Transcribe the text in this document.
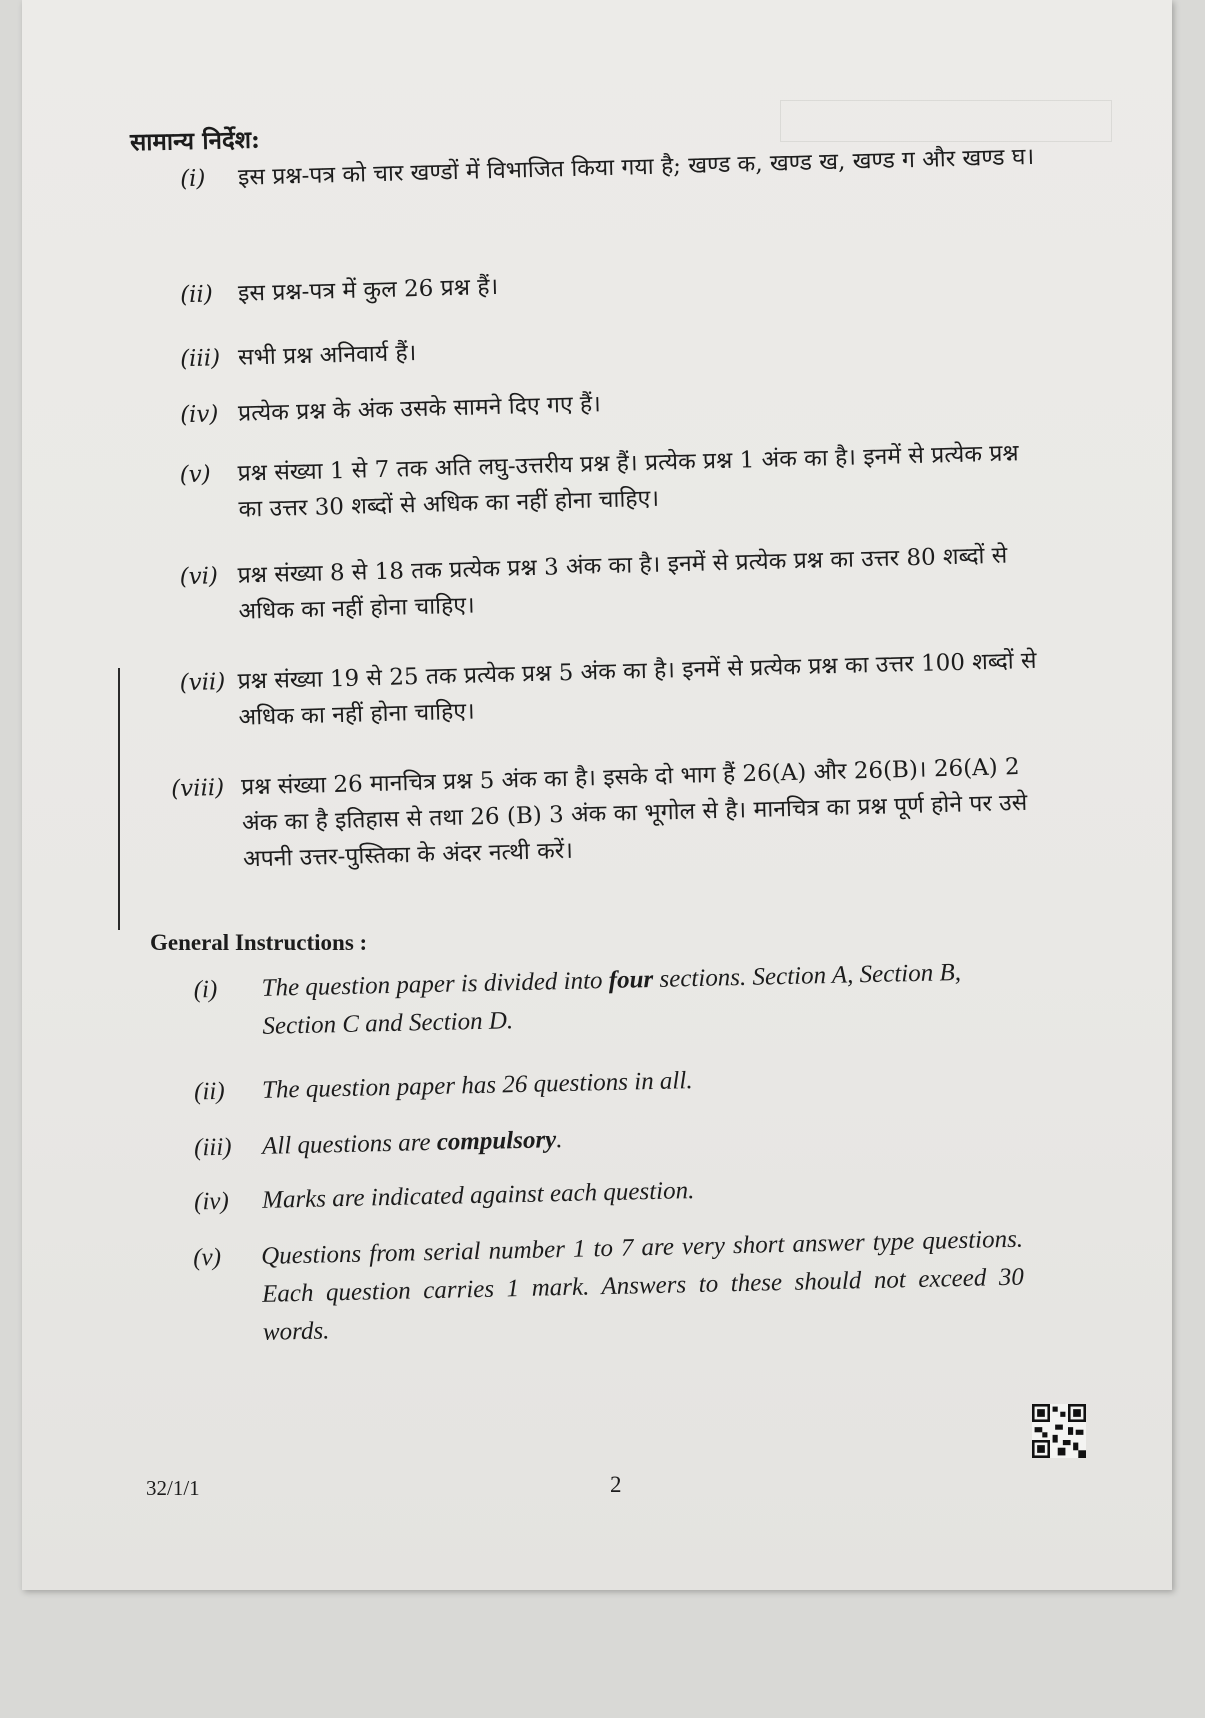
सामान्य निर्देश:
(i) इस प्रश्न-पत्र को चार खण्डों में विभाजित किया गया है; खण्ड क, खण्ड ख, खण्ड ग और खण्ड घ।
(ii) इस प्रश्न-पत्र में कुल 26 प्रश्न हैं।
(iii) सभी प्रश्न अनिवार्य हैं।
(iv) प्रत्येक प्रश्न के अंक उसके सामने दिए गए हैं।
(v) प्रश्न संख्या 1 से 7 तक अति लघु-उत्तरीय प्रश्न हैं। प्रत्येक प्रश्न 1 अंक का है। इनमें से प्रत्येक प्रश्न का उत्तर 30 शब्दों से अधिक का नहीं होना चाहिए।
(vi) प्रश्न संख्या 8 से 18 तक प्रत्येक प्रश्न 3 अंक का है। इनमें से प्रत्येक प्रश्न का उत्तर 80 शब्दों से अधिक का नहीं होना चाहिए।
(vii) प्रश्न संख्या 19 से 25 तक प्रत्येक प्रश्न 5 अंक का है। इनमें से प्रत्येक प्रश्न का उत्तर 100 शब्दों से अधिक का नहीं होना चाहिए।
(viii) प्रश्न संख्या 26 मानचित्र प्रश्न 5 अंक का है। इसके दो भाग हैं 26(A) और 26(B)। 26(A) 2 अंक का है इतिहास से तथा 26 (B) 3 अंक का भूगोल से है। मानचित्र का प्रश्न पूर्ण होने पर उसे अपनी उत्तर-पुस्तिका के अंदर नत्थी करें।
General Instructions :
(i) The question paper is divided into four sections. Section A, Section B, Section C and Section D.
(ii) The question paper has 26 questions in all.
(iii) All questions are compulsory.
(iv) Marks are indicated against each question.
(v) Questions from serial number 1 to 7 are very short answer type questions. Each question carries 1 mark. Answers to these should not exceed 30 words.
32/1/1	2
